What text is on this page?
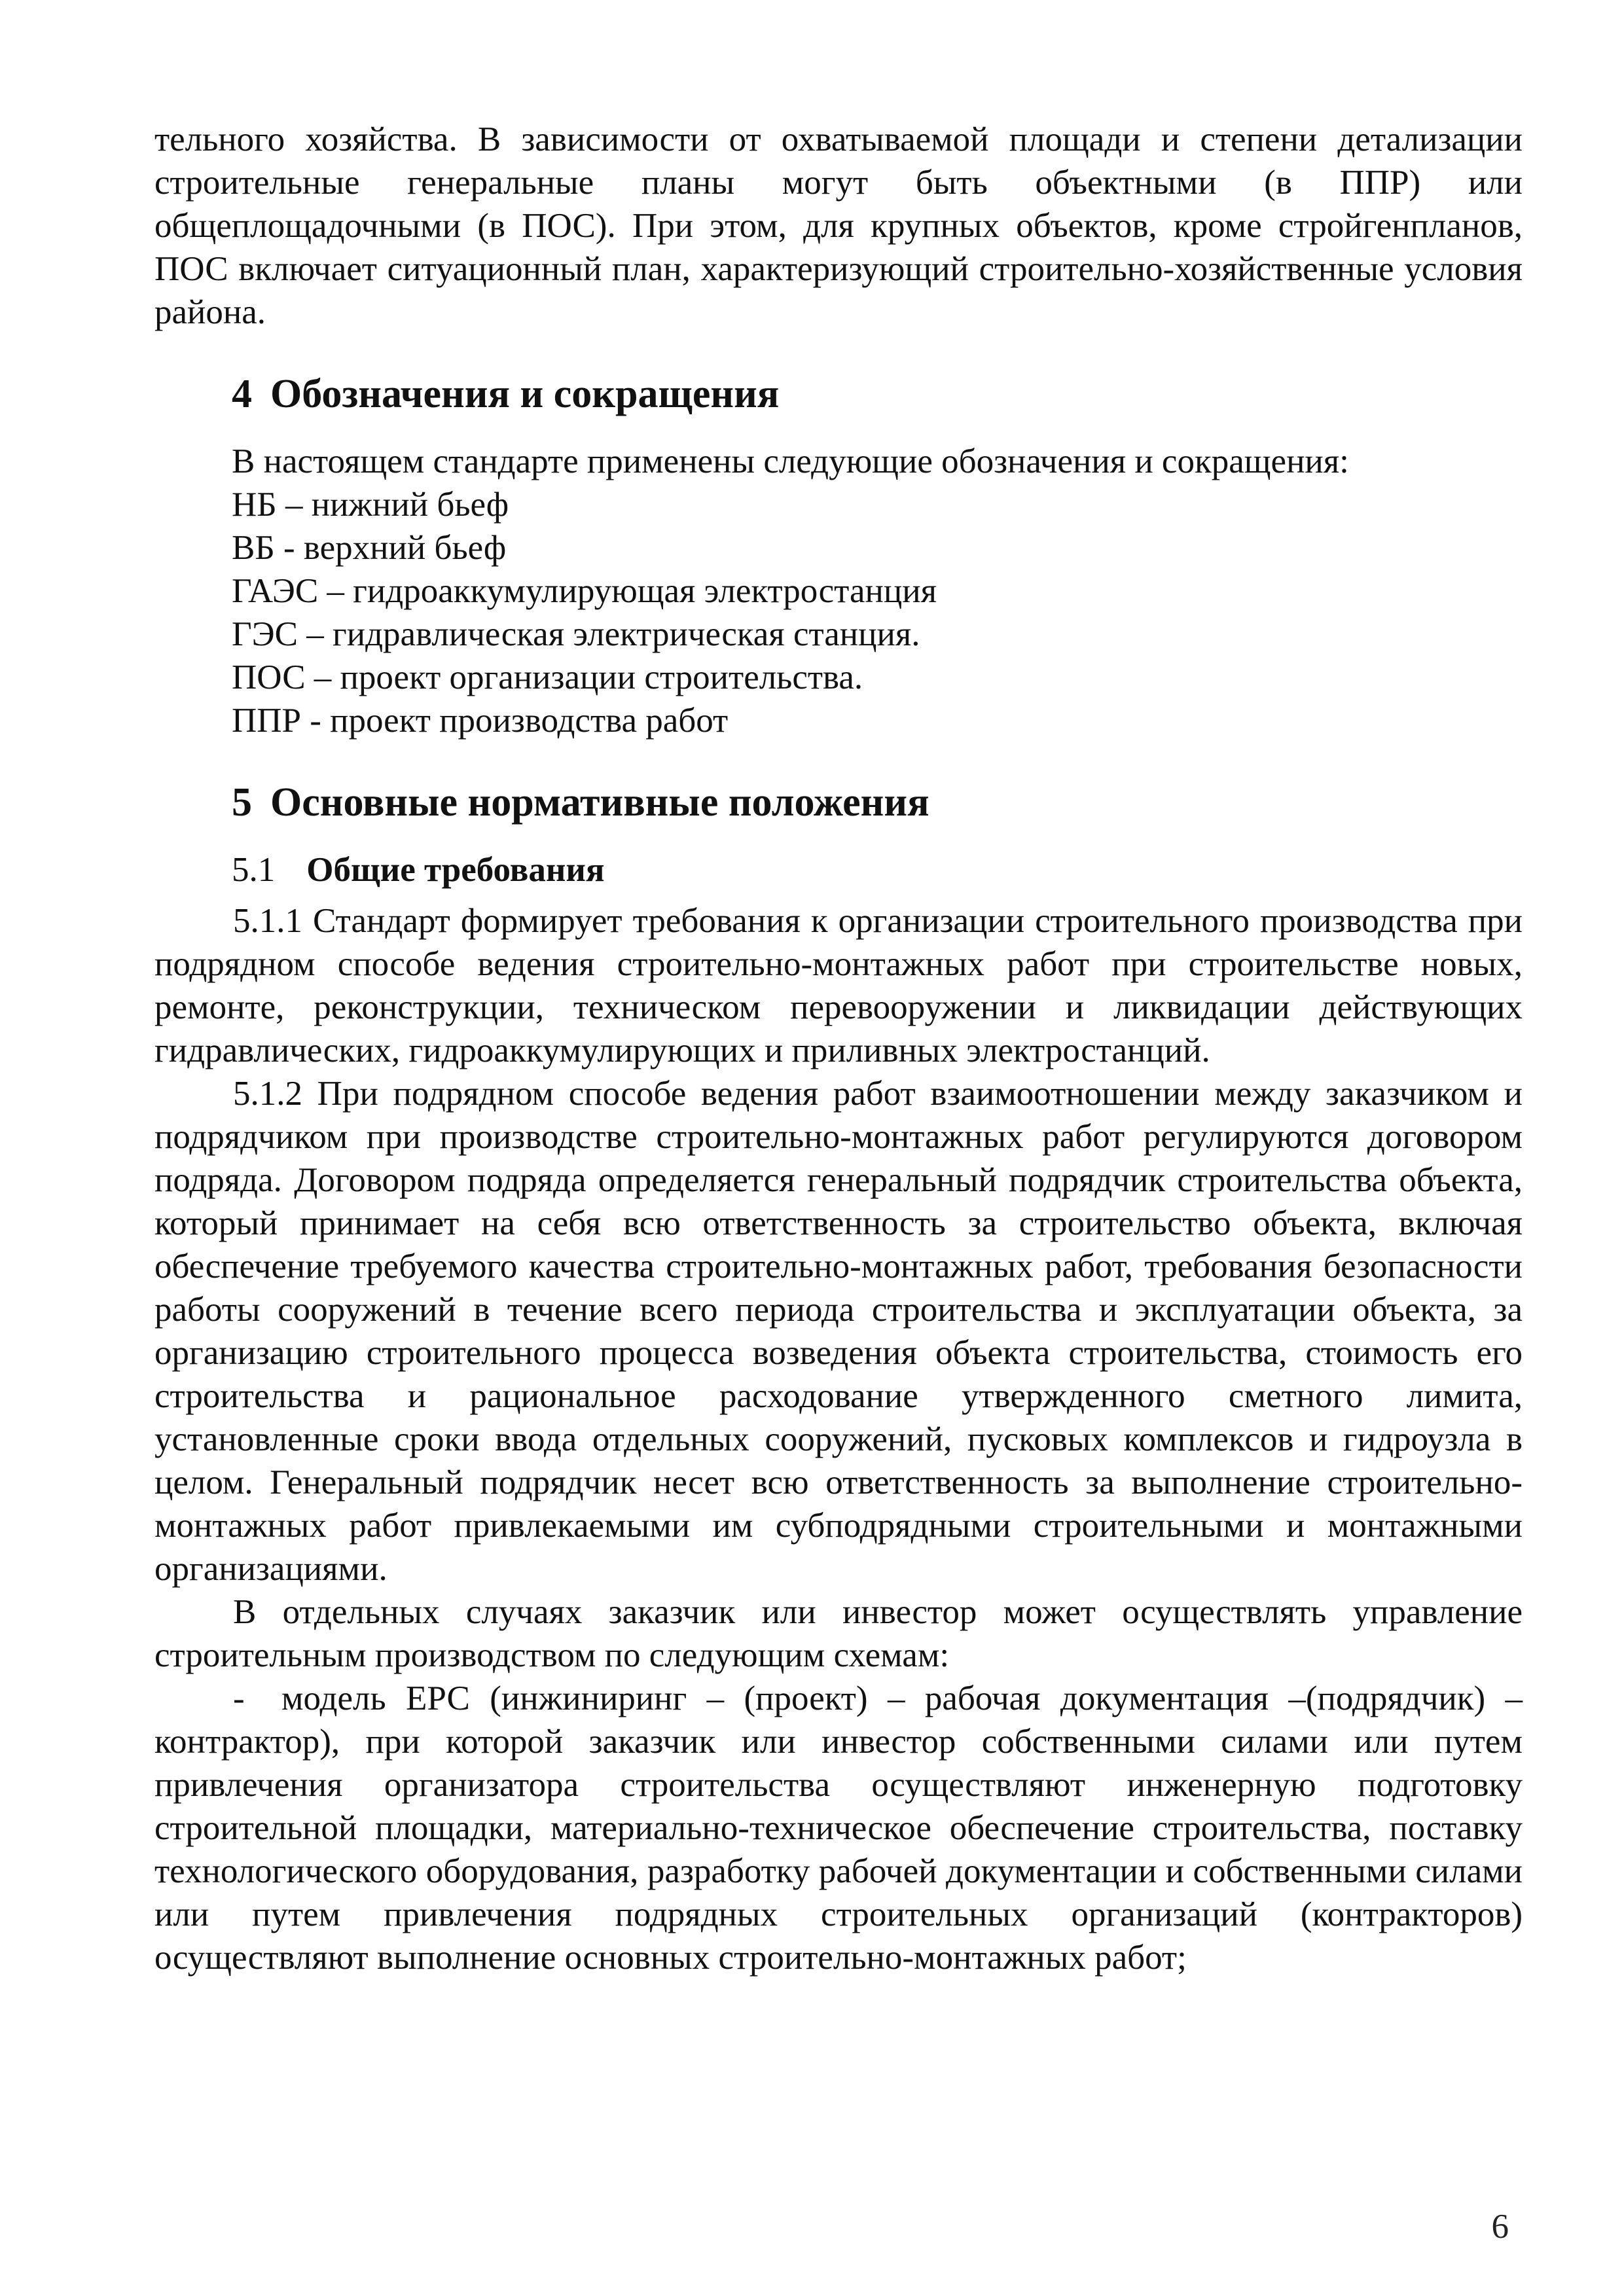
тельного хозяйства. В зависимости от охватываемой площади и степени детализации строительные генеральные планы могут быть объектными (в ППР) или общеплощадочными (в ПОС). При этом, для крупных объектов, кроме стройгенпланов, ПОС включает ситуационный план, характеризующий строительно-хозяйственные условия района.

4 Обозначения и сокращения

В настоящем стандарте применены следующие обозначения и сокращения:

НБ – нижний бьеф

ВБ - верхний бьеф

ГАЭС – гидроаккумулирующая электростанция

ГЭС – гидравлическая электрическая станция.

ПОС – проект организации строительства.

ППР - проект производства работ

5 Основные нормативные положения
5.1 Общие требования

5.1.1 Стандарт формирует требования к организации строительного производства при подрядном способе ведения строительно-монтажных работ при строительстве новых, ремонте, реконструкции, техническом перевооружении и ликвидации действующих гидравлических, гидроаккумулирующих и приливных электростанций.

5.1.2 При подрядном способе ведения работ взаимоотношении между заказчиком и подрядчиком при производстве строительно-монтажных работ регулируются договором подряда. Договором подряда определяется генеральный подрядчик строительства объекта, который принимает на себя всю ответственность за строительство объекта, включая обеспечение требуемого качества строительно-монтажных работ, требования безопасности работы сооружений в течение всего периода строительства и эксплуатации объекта, за организацию строительного процесса возведения объекта строительства, стоимость его строительства и рациональное расходование утвержденного сметного лимита, установленные сроки ввода отдельных сооружений, пусковых комплексов и гидроузла в целом. Генеральный подрядчик несет всю ответственность за выполнение строительно-монтажных работ привлекаемыми им субподрядными строительными и монтажными организациями.

В отдельных случаях заказчик или инвестор может осуществлять управление строительным производством по следующим схемам:

- модель ЕРС (инжиниринг – (проект) – рабочая документация –(подрядчик) – контрактор), при которой заказчик или инвестор собственными силами или путем привлечения организатора строительства осуществляют инженерную подготовку строительной площадки, материально-техническое обеспечение строительства, поставку технологического оборудования, разработку рабочей документации и собственными силами или путем привлечения подрядных строительных организаций (контракторов) осуществляют выполнение основных строительно-монтажных работ;

6
